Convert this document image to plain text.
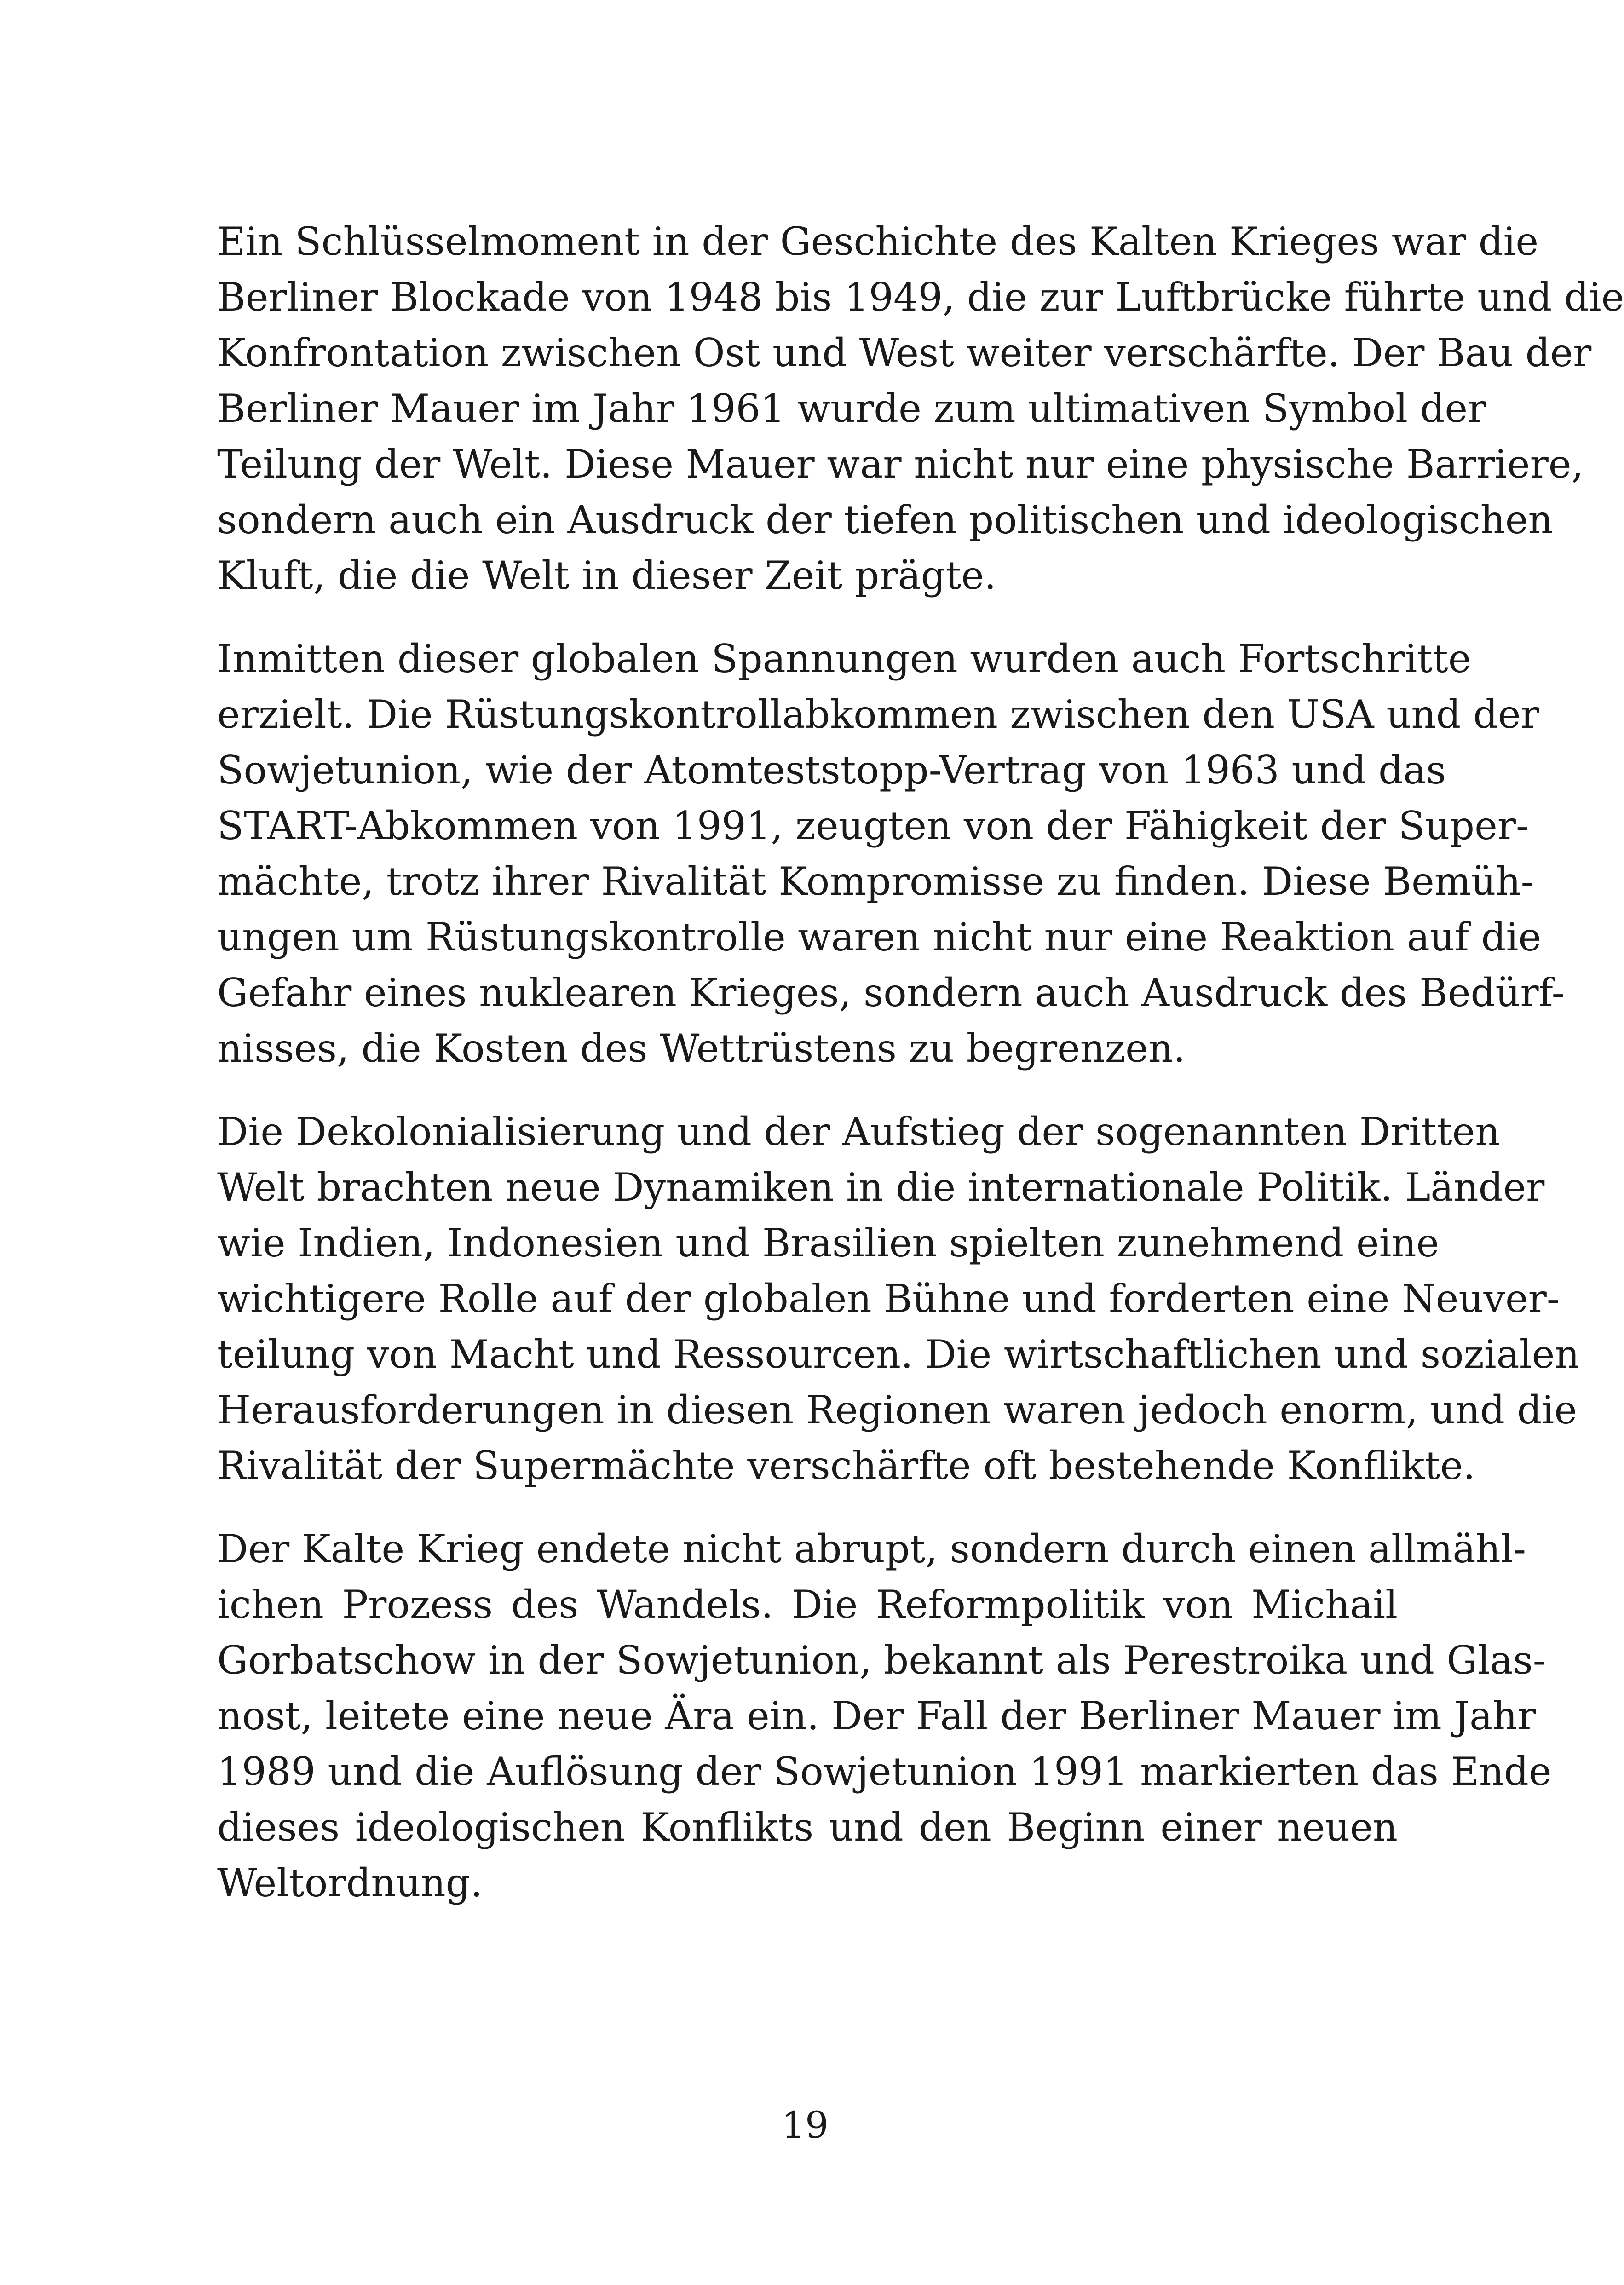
Ein Schlüsselmoment in der Geschichte des Kalten Krieges war die
Berliner Blockade von 1948 bis 1949, die zur Luftbrücke führte und die
Konfrontation zwischen Ost und West weiter verschärfte. Der Bau der
Berliner Mauer im Jahr 1961 wurde zum ultimativen Symbol der
Teilung der Welt. Diese Mauer war nicht nur eine physische Barriere,
sondern auch ein Ausdruck der tiefen politischen und ideologischen
Kluft, die die Welt in dieser Zeit prägte.

Inmitten dieser globalen Spannungen wurden auch Fortschritte
erzielt. Die Rüstungskontrollabkommen zwischen den USA und der
Sowjetunion, wie der Atomteststopp-Vertrag von 1963 und das
START-Abkommen von 1991, zeugten von der Fähigkeit der Super-
mächte, trotz ihrer Rivalität Kompromisse zu finden. Diese Bemüh-
ungen um Rüstungskontrolle waren nicht nur eine Reaktion auf die
Gefahr eines nuklearen Krieges, sondern auch Ausdruck des Bedürf-
nisses, die Kosten des Wettrüstens zu begrenzen.

Die Dekolonialisierung und der Aufstieg der sogenannten Dritten
Welt brachten neue Dynamiken in die internationale Politik. Länder
wie Indien, Indonesien und Brasilien spielten zunehmend eine
wichtigere Rolle auf der globalen Bühne und forderten eine Neuver-
teilung von Macht und Ressourcen. Die wirtschaftlichen und sozialen
Herausforderungen in diesen Regionen waren jedoch enorm, und die
Rivalität der Supermächte verschärfte oft bestehende Konflikte.

Der Kalte Krieg endete nicht abrupt, sondern durch einen allmähl-
ichen Prozess des Wandels. Die Reformpolitik von Michail
Gorbatschow in der Sowjetunion, bekannt als Perestroika und Glas-
nost, leitete eine neue Ära ein. Der Fall der Berliner Mauer im Jahr
1989 und die Auflösung der Sowjetunion 1991 markierten das Ende
dieses ideologischen Konflikts und den Beginn einer neuen
Weltordnung.

19
